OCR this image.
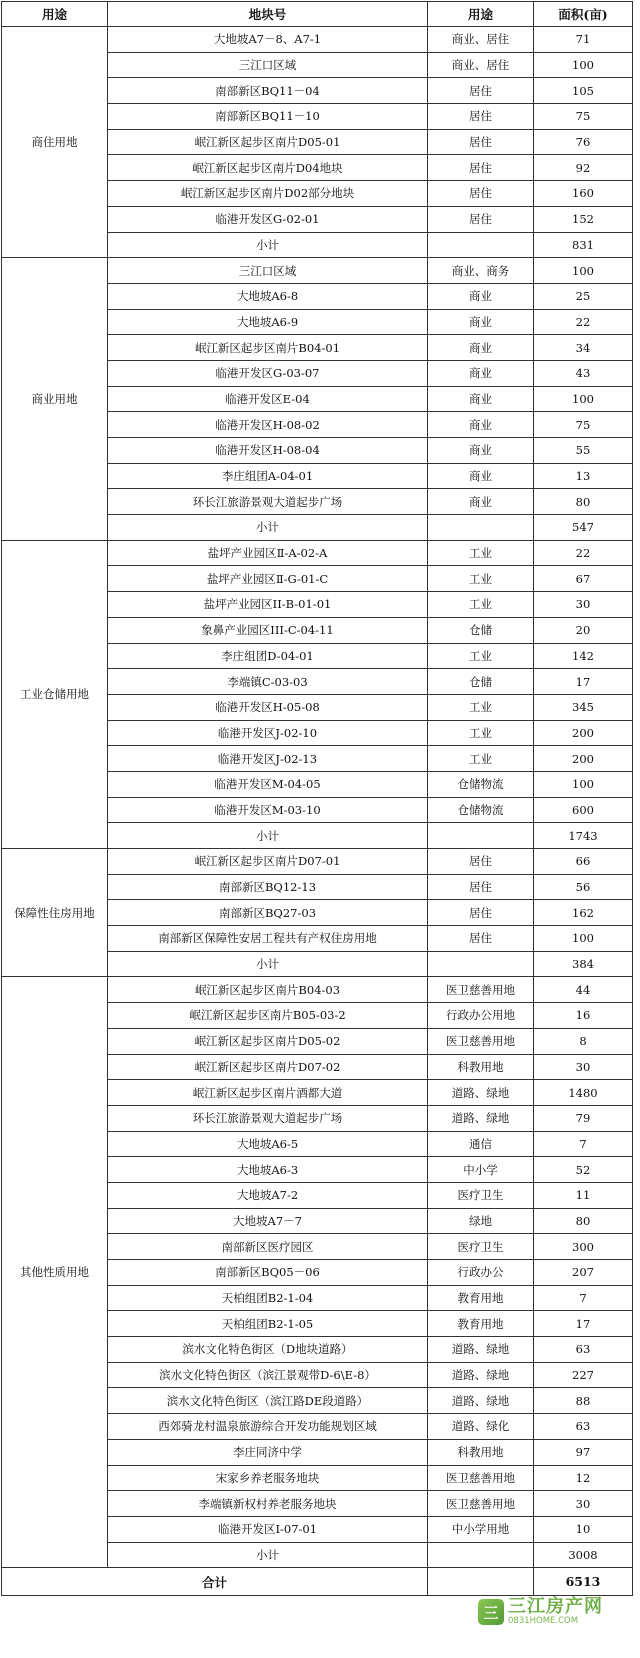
用途	地块号	用途	面积(亩)
商住用地	大地坡A7－8、A7-1	商业、居住	71
	三江口区域	商业、居住	100
	南部新区BQ11－04	居住	105
	南部新区BQ11－10	居住	75
	岷江新区起步区南片D05-01	居住	76
	岷江新区起步区南片D04地块	居住	92
	岷江新区起步区南片D02部分地块	居住	160
	临港开发区G-02-01	居住	152
	小计		831
商业用地	三江口区域	商业、商务	100
	大地坡A6-8	商业	25
	大地坡A6-9	商业	22
	岷江新区起步区南片B04-01	商业	34
	临港开发区G-03-07	商业	43
	临港开发区E-04	商业	100
	临港开发区H-08-02	商业	75
	临港开发区H-08-04	商业	55
	李庄组团A-04-01	商业	13
	环长江旅游景观大道起步广场	商业	80
	小计		547
工业仓储用地	盐坪产业园区Ⅱ-A-02-A	工业	22
	盐坪产业园区Ⅱ-G-01-C	工业	67
	盐坪产业园区II-B-01-01	工业	30
	象鼻产业园区III-C-04-11	仓储	20
	李庄组团D-04-01	工业	142
	李端镇C-03-03	仓储	17
	临港开发区H-05-08	工业	345
	临港开发区J-02-10	工业	200
	临港开发区J-02-13	工业	200
	临港开发区M-04-05	仓储物流	100
	临港开发区M-03-10	仓储物流	600
	小计		1743
保障性住房用地	岷江新区起步区南片D07-01	居住	66
	南部新区BQ12-13	居住	56
	南部新区BQ27-03	居住	162
	南部新区保障性安居工程共有产权住房用地	居住	100
	小计		384
其他性质用地	岷江新区起步区南片B04-03	医卫慈善用地	44
	岷江新区起步区南片B05-03-2	行政办公用地	16
	岷江新区起步区南片D05-02	医卫慈善用地	8
	岷江新区起步区南片D07-02	科教用地	30
	岷江新区起步区南片酒都大道	道路、绿地	1480
	环长江旅游景观大道起步广场	道路、绿地	79
	大地坡A6-5	通信	7
	大地坡A6-3	中小学	52
	大地坡A7-2	医疗卫生	11
	大地坡A7－7	绿地	80
	南部新区医疗园区	医疗卫生	300
	南部新区BQ05－06	行政办公	207
	天柏组团B2-1-04	教育用地	7
	天柏组团B2-1-05	教育用地	17
	滨水文化特色街区（D地块道路）	道路、绿地	63
	滨水文化特色街区（滨江景观带D-6\E-8）	道路、绿地	227
	滨水文化特色街区（滨江路DE段道路）	道路、绿地	88
	西郊骑龙村温泉旅游综合开发功能规划区域	道路、绿化	63
	李庄同济中学	科教用地	97
	宋家乡养老服务地块	医卫慈善用地	12
	李端镇新权村养老服务地块	医卫慈善用地	30
	临港开发区I-07-01	中小学用地	10
	小计		3008
合计			6513
三 三江房产网
0831HOME.COM
